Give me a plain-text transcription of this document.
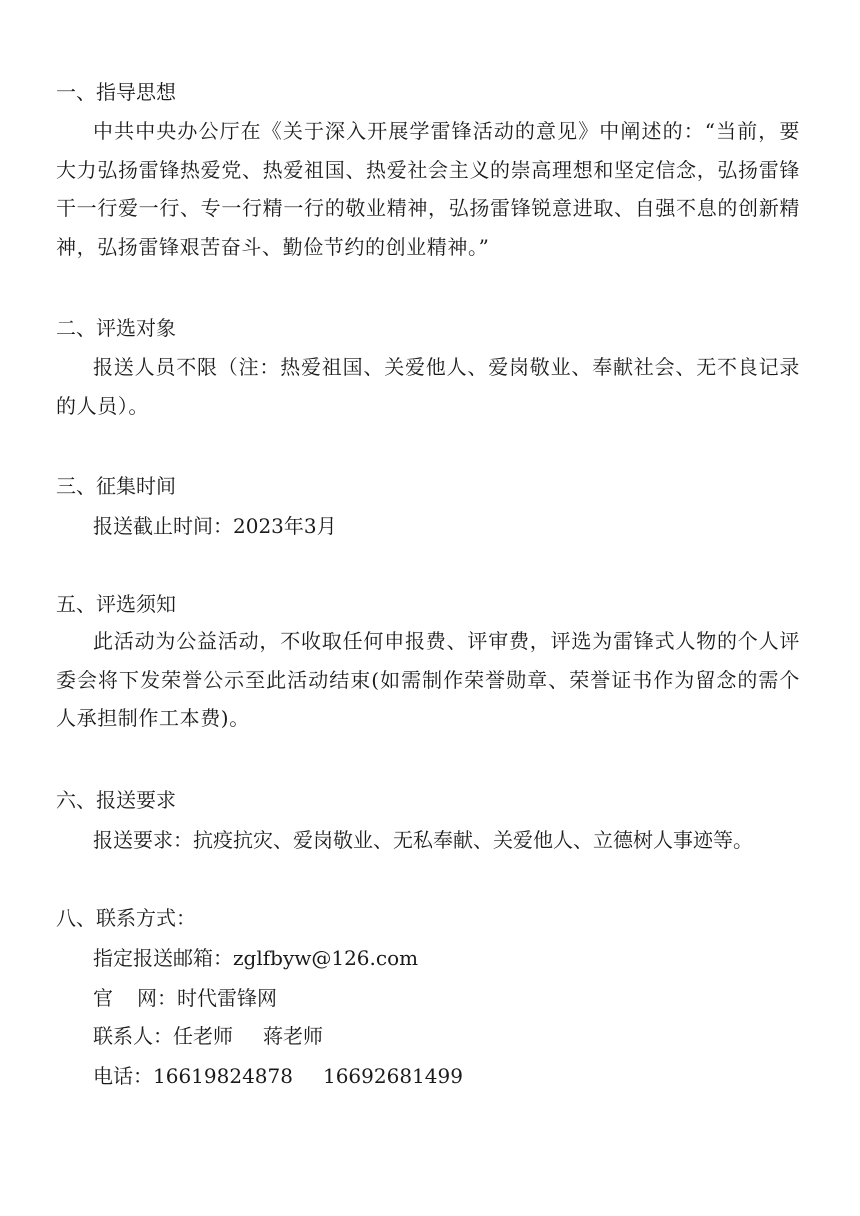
一、指导思想
中共中央办公厅在《关于深入开展学雷锋活动的意见》中阐述的：“当前，要大力弘扬雷锋热爱党、热爱祖国、热爱社会主义的崇高理想和坚定信念，弘扬雷锋干一行爱一行、专一行精一行的敬业精神，弘扬雷锋锐意进取、自强不息的创新精神，弘扬雷锋艰苦奋斗、勤俭节约的创业精神。”
二、评选对象
报送人员不限（注：热爱祖国、关爱他人、爱岗敬业、奉献社会、无不良记录的人员）。
三、征集时间
报送截止时间：2023年3月
五、评选须知
此活动为公益活动，不收取任何申报费、评审费，评选为雷锋式人物的个人评委会将下发荣誉公示至此活动结束(如需制作荣誉勋章、荣誉证书作为留念的需个人承担制作工本费)。
六、报送要求
报送要求：抗疫抗灾、爱岗敬业、无私奉献、关爱他人、立德树人事迹等。
八、联系方式：
指定报送邮箱：zglfbyw@126.com
官 网：时代雷锋网
联系人：任老师 蒋老师
电话：16619824878 16692681499
